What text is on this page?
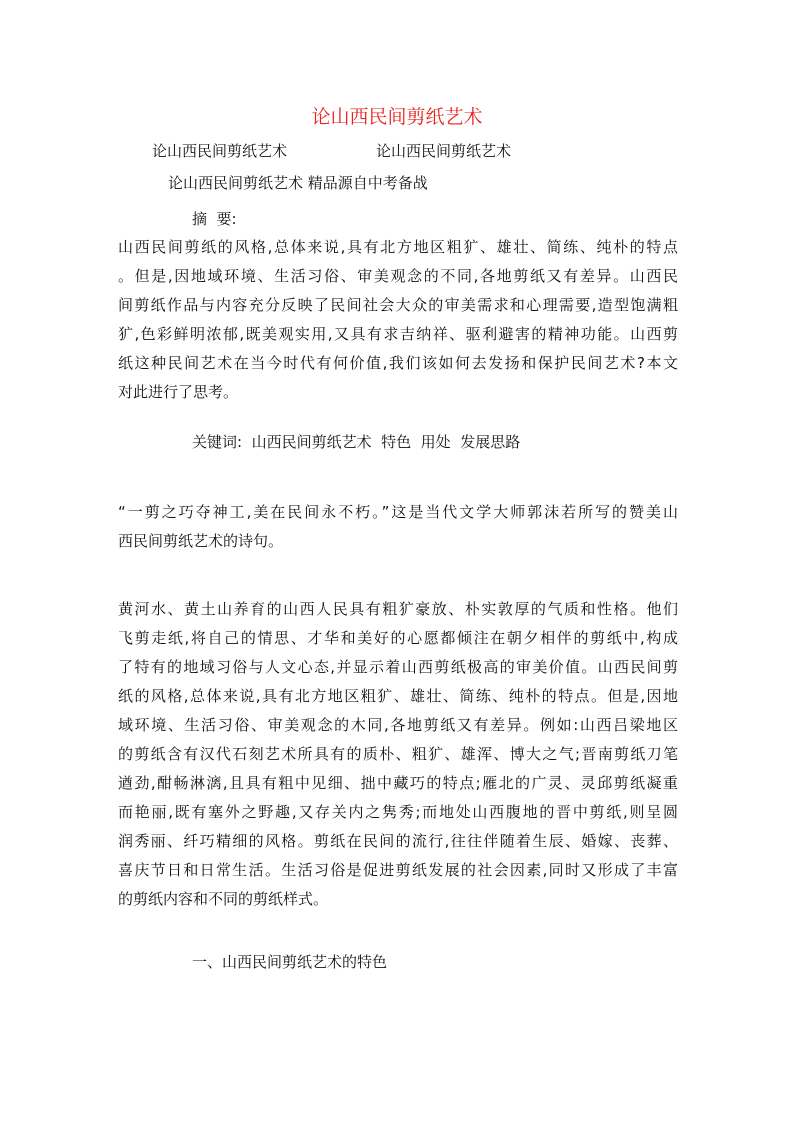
论山西民间剪纸艺术
论山西民间剪纸艺术	论山西民间剪纸艺术
论山西民间剪纸艺术 精品源自中考备战
摘  要:
山西民间剪纸的风格,总体来说,具有北方地区粗犷、雄壮、简练、纯朴的特点
。但是,因地域环境、生活习俗、审美观念的不同,各地剪纸又有差异。山西民
间剪纸作品与内容充分反映了民间社会大众的审美需求和心理需要,造型饱满粗
犷,色彩鲜明浓郁,既美观实用,又具有求吉纳祥、驱利避害的精神功能。山西剪
纸这种民间艺术在当今时代有何价值,我们该如何去发扬和保护民间艺术?本文
对此进行了思考。
关键词:  山西民间剪纸艺术  特色  用处  发展思路
“一剪之巧夺神工,美在民间永不朽。”这是当代文学大师郭沫若所写的赞美山
西民间剪纸艺术的诗句。
黄河水、黄土山养育的山西人民具有粗犷豪放、朴实敦厚的气质和性格。他们
飞剪走纸,将自己的情思、才华和美好的心愿都倾注在朝夕相伴的剪纸中,构成
了特有的地域习俗与人文心态,并显示着山西剪纸极高的审美价值。山西民间剪
纸的风格,总体来说,具有北方地区粗犷、雄壮、简练、纯朴的特点。但是,因地
域环境、生活习俗、审美观念的木同,各地剪纸又有差异。例如:山西吕梁地区
的剪纸含有汉代石刻艺术所具有的质朴、粗犷、雄浑、博大之气;晋南剪纸刀笔
遒劲,酣畅淋漓,且具有粗中见细、拙中藏巧的特点;雁北的广灵、灵邱剪纸凝重
而艳丽,既有塞外之野趣,又存关内之隽秀;而地处山西腹地的晋中剪纸,则呈圆
润秀丽、纤巧精细的风格。剪纸在民间的流行,往往伴随着生辰、婚嫁、丧葬、
喜庆节日和日常生活。生活习俗是促进剪纸发展的社会因素,同时又形成了丰富
的剪纸内容和不同的剪纸样式。
一、山西民间剪纸艺术的特色
